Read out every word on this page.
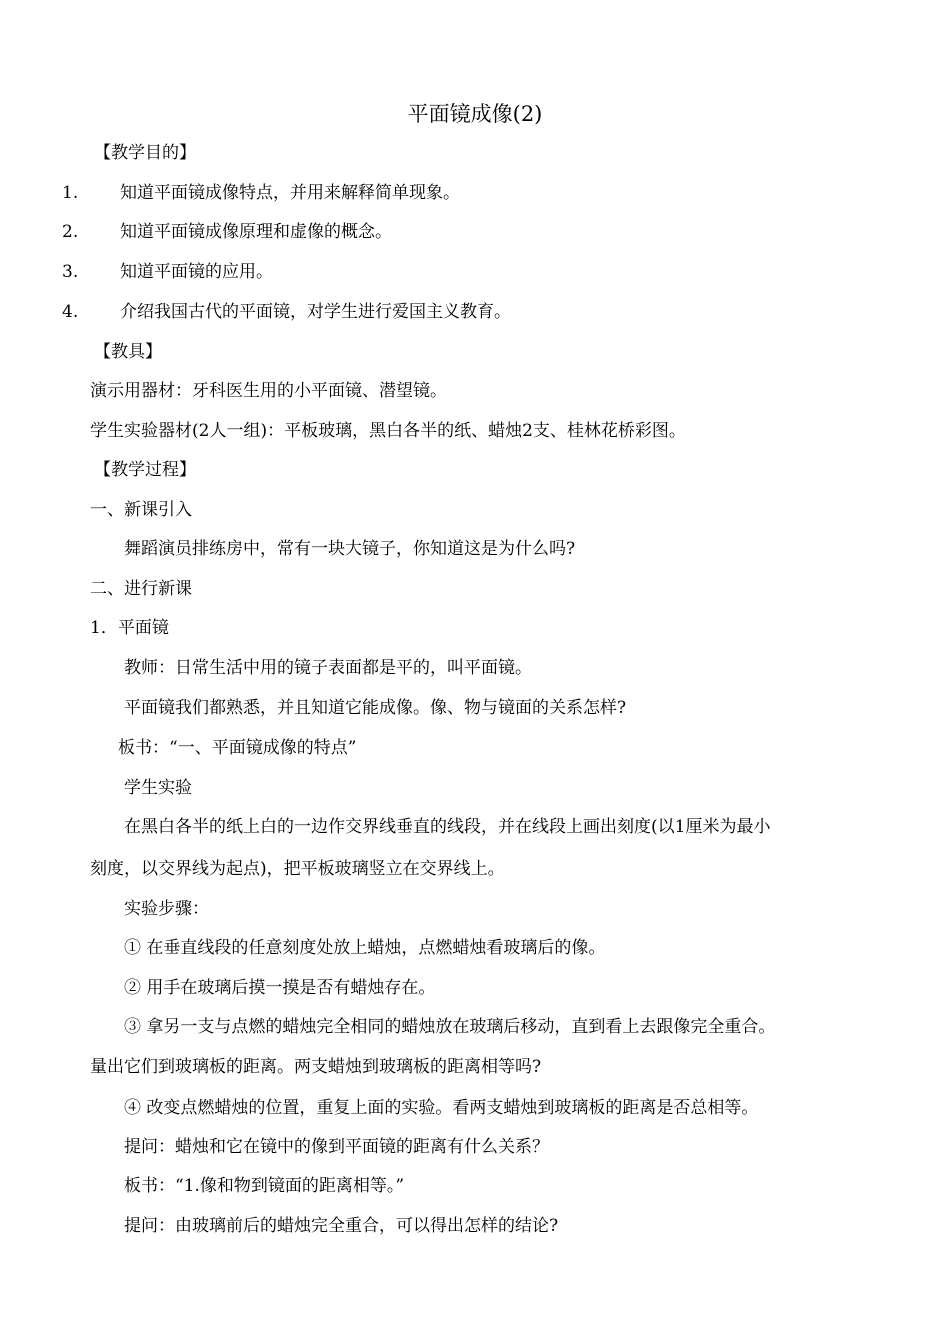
平面镜成像(2)
【教学目的】
1. 知道平面镜成像特点，并用来解释简单现象。
2. 知道平面镜成像原理和虚像的概念。
3. 知道平面镜的应用。
4. 介绍我国古代的平面镜，对学生进行爱国主义教育。
【教具】
演示用器材：牙科医生用的小平面镜、潜望镜。
学生实验器材(2人一组)：平板玻璃，黑白各半的纸、蜡烛2支、桂林花桥彩图。
【教学过程】
一、新课引入
舞蹈演员排练房中，常有一块大镜子，你知道这是为什么吗?
二、进行新课
1．平面镜
教师：日常生活中用的镜子表面都是平的，叫平面镜。
平面镜我们都熟悉，并且知道它能成像。像、物与镜面的关系怎样?
板书：“一、平面镜成像的特点”
学生实验
在黑白各半的纸上白的一边作交界线垂直的线段，并在线段上画出刻度(以1厘米为最小
刻度，以交界线为起点)，把平板玻璃竖立在交界线上。
实验步骤：
① 在垂直线段的任意刻度处放上蜡烛，点燃蜡烛看玻璃后的像。
② 用手在玻璃后摸一摸是否有蜡烛存在。
③ 拿另一支与点燃的蜡烛完全相同的蜡烛放在玻璃后移动，直到看上去跟像完全重合。
量出它们到玻璃板的距离。两支蜡烛到玻璃板的距离相等吗?
④ 改变点燃蜡烛的位置，重复上面的实验。看两支蜡烛到玻璃板的距离是否总相等。
提问：蜡烛和它在镜中的像到平面镜的距离有什么关系？
板书：“1.像和物到镜面的距离相等。”
提问：由玻璃前后的蜡烛完全重合，可以得出怎样的结论?
